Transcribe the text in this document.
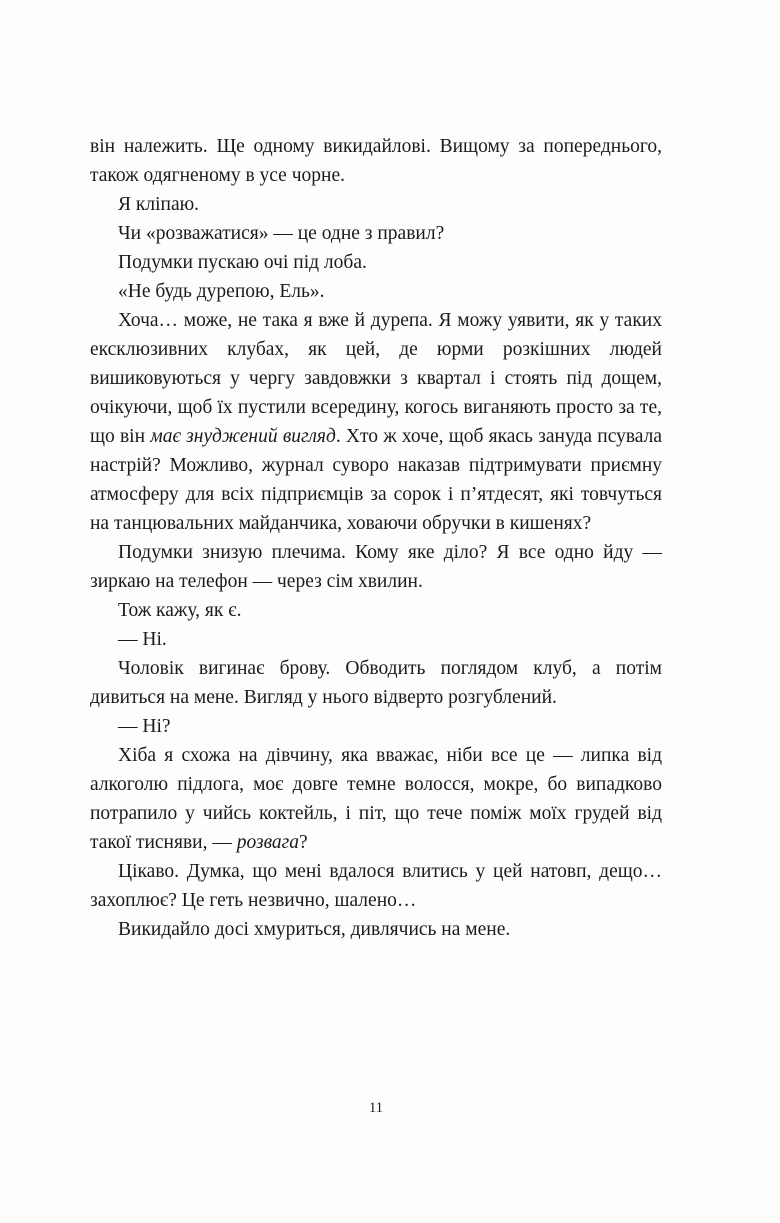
він належить. Ще одному викидайлові. Вищому за попереднього, також одягненому в усе чорне.

Я кліпаю.

Чи «розважатися» — це одне з правил?

Подумки пускаю очі під лоба.

«Не будь дурепою, Ель».

Хоча… може, не така я вже й дурепа. Я можу уявити, як у таких ексклюзивних клубах, як цей, де юрми розкішних людей вишиковуються у чергу завдовжки з квартал і стоять під дощем, очікуючи, щоб їх пустили всередину, когось виганяють просто за те, що він має знуджений вигляд. Хто ж хоче, щоб якась зануда псувала настрій? Можливо, журнал суворо наказав підтримувати приємну атмосферу для всіх підприємців за сорок і п’ятдесят, які товчуться на танцювальних майданчика, ховаючи обручки в кишенях?

Подумки знизую плечима. Кому яке діло? Я все одно йду — зиркаю на телефон — через сім хвилин.

Тож кажу, як є.

— Ні.

Чоловік вигинає брову. Обводить поглядом клуб, а потім дивиться на мене. Вигляд у нього відверто розгублений.

— Ні?

Хіба я схожа на дівчину, яка вважає, ніби все це — липка від алкоголю підлога, моє довге темне волосся, мокре, бо випадково потрапило у чийсь коктейль, і піт, що тече поміж моїх грудей від такої тисняви, — розвага?

Цікаво. Думка, що мені вдалося влитись у цей натовп, дещо… захоплює? Це геть незвично, шалено…

Викидайло досі хмуриться, дивлячись на мене.

11
